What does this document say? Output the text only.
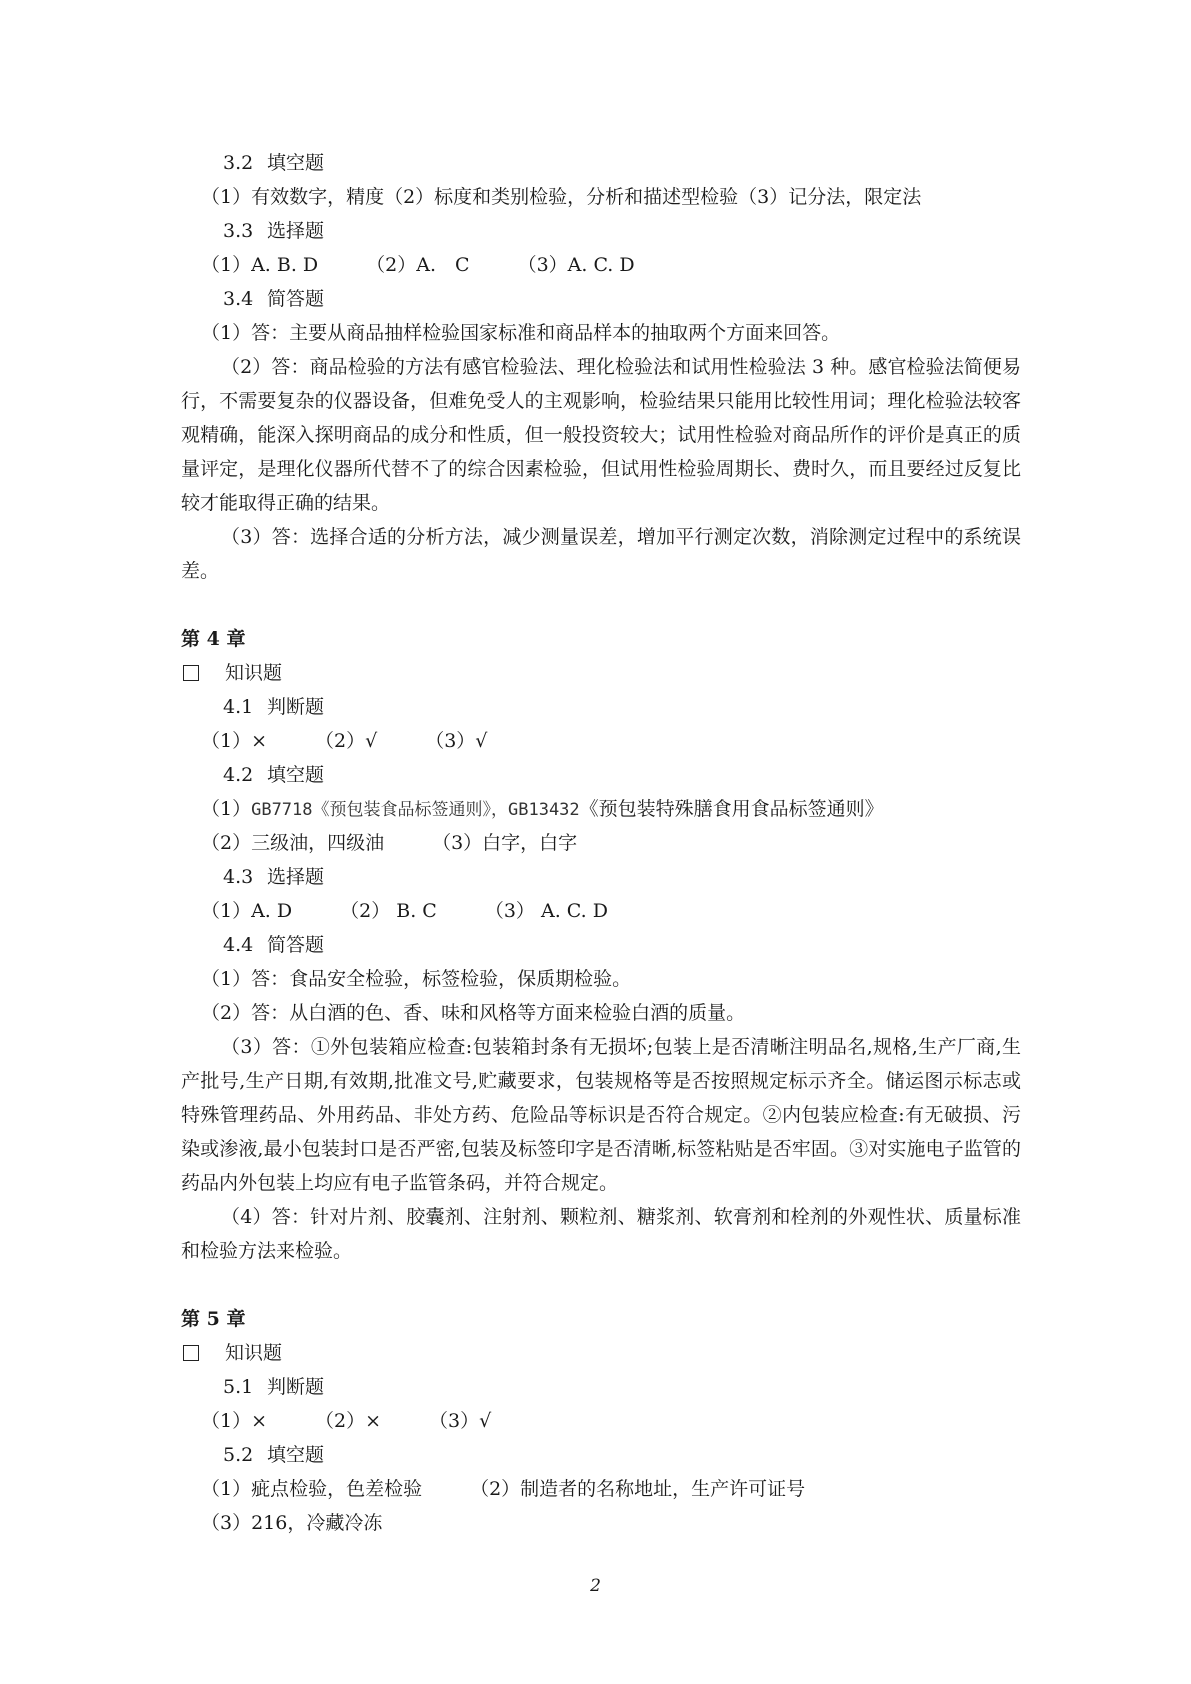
3.2 填空题
（1）有效数字，精度（2）标度和类别检验，分析和描述型检验（3）记分法，限定法
3.3 选择题
（1）A. B. D	（2）A.　C	（3）A. C. D
3.4 简答题
（1）答：主要从商品抽样检验国家标准和商品样本的抽取两个方面来回答。

（2）答：商品检验的方法有感官检验法、理化检验法和试用性检验法 3 种。感官检验法简便易行，不需要复杂的仪器设备，但难免受人的主观影响，检验结果只能用比较性用词；理化检验法较客观精确，能深入探明商品的成分和性质，但一般投资较大；试用性检验对商品所作的评价是真正的质量评定，是理化仪器所代替不了的综合因素检验，但试用性检验周期长、费时久，而且要经过反复比较才能取得正确的结果。

（3）答：选择合适的分析方法，减少测量误差，增加平行测定次数，消除测定过程中的系统误差。

第 4 章
知识题
4.1 判断题
（1）×	（2）√	（3）√
4.2 填空题
（1）GB7718《预包装食品标签通则》，GB13432《预包装特殊膳食用食品标签通则》
（2）三级油，四级油	（3）白字，白字
4.3 选择题
（1）A. D	（2） B. C	（3） A. C. D
4.4 简答题
（1）答：食品安全检验，标签检验，保质期检验。
（2）答：从白酒的色、香、味和风格等方面来检验白酒的质量。

（3）答：①外包装箱应检查:包装箱封条有无损坏;包装上是否清晰注明品名,规格,生产厂商,生产批号,生产日期,有效期,批准文号,贮藏要求，包装规格等是否按照规定标示齐全。储运图示标志或特殊管理药品、外用药品、非处方药、危险品等标识是否符合规定。②内包装应检查:有无破损、污染或渗液,最小包装封口是否严密,包装及标签印字是否清晰,标签粘贴是否牢固。③对实施电子监管的药品内外包装上均应有电子监管条码，并符合规定。

（4）答：针对片剂、胶囊剂、注射剂、颗粒剂、糖浆剂、软膏剂和栓剂的外观性状、质量标准和检验方法来检验。

第 5 章
知识题
5.1 判断题
（1）×	（2）×	（3）√
5.2 填空题
（1）疵点检验，色差检验	（2）制造者的名称地址，生产许可证号
（3）216，冷藏冷冻
2
